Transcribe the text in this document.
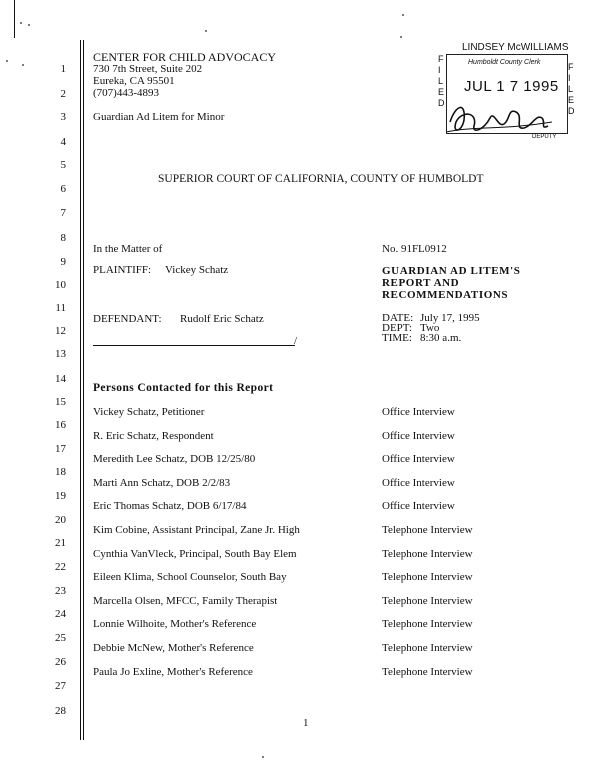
1
2
3
4
5
6
7
8
9
10
11
12
13
14
15
16
17
18
19
20
21
22
23
24
25
26
27
28
CENTER FOR CHILD ADVOCACY
730 7th Street, Suite 202
Eureka, CA 95501
(707)443-4893
Guardian Ad Litem for Minor
LINDSEY McWILLIAMS
Humboldt County Clerk
JUL 1 7 1995
DEPUTY
F
I
L
E
D
F
I
L
E
D
SUPERIOR COURT OF CALIFORNIA, COUNTY OF HUMBOLDT
In the Matter of
PLAINTIFF: Vickey Schatz
DEFENDANT: Rudolf Eric Schatz
/
No. 91FL0912
GUARDIAN AD LITEM'S
REPORT AND
RECOMMENDATIONS
DATE: July 17, 1995
DEPT: Two
TIME: 8:30 a.m.
Persons Contacted for this Report
Vickey Schatz, Petitioner	Office Interview
R. Eric Schatz, Respondent	Office Interview
Meredith Lee Schatz, DOB 12/25/80	Office Interview
Marti Ann Schatz, DOB 2/2/83	Office Interview
Eric Thomas Schatz, DOB 6/17/84	Office Interview
Kim Cobine, Assistant Principal, Zane Jr. High	Telephone Interview
Cynthia VanVleck, Principal, South Bay Elem	Telephone Interview
Eileen Klima, School Counselor, South Bay	Telephone Interview
Marcella Olsen, MFCC, Family Therapist	Telephone Interview
Lonnie Wilhoite, Mother's Reference	Telephone Interview
Debbie McNew, Mother's Reference	Telephone Interview
Paula Jo Exline, Mother's Reference	Telephone Interview
1
